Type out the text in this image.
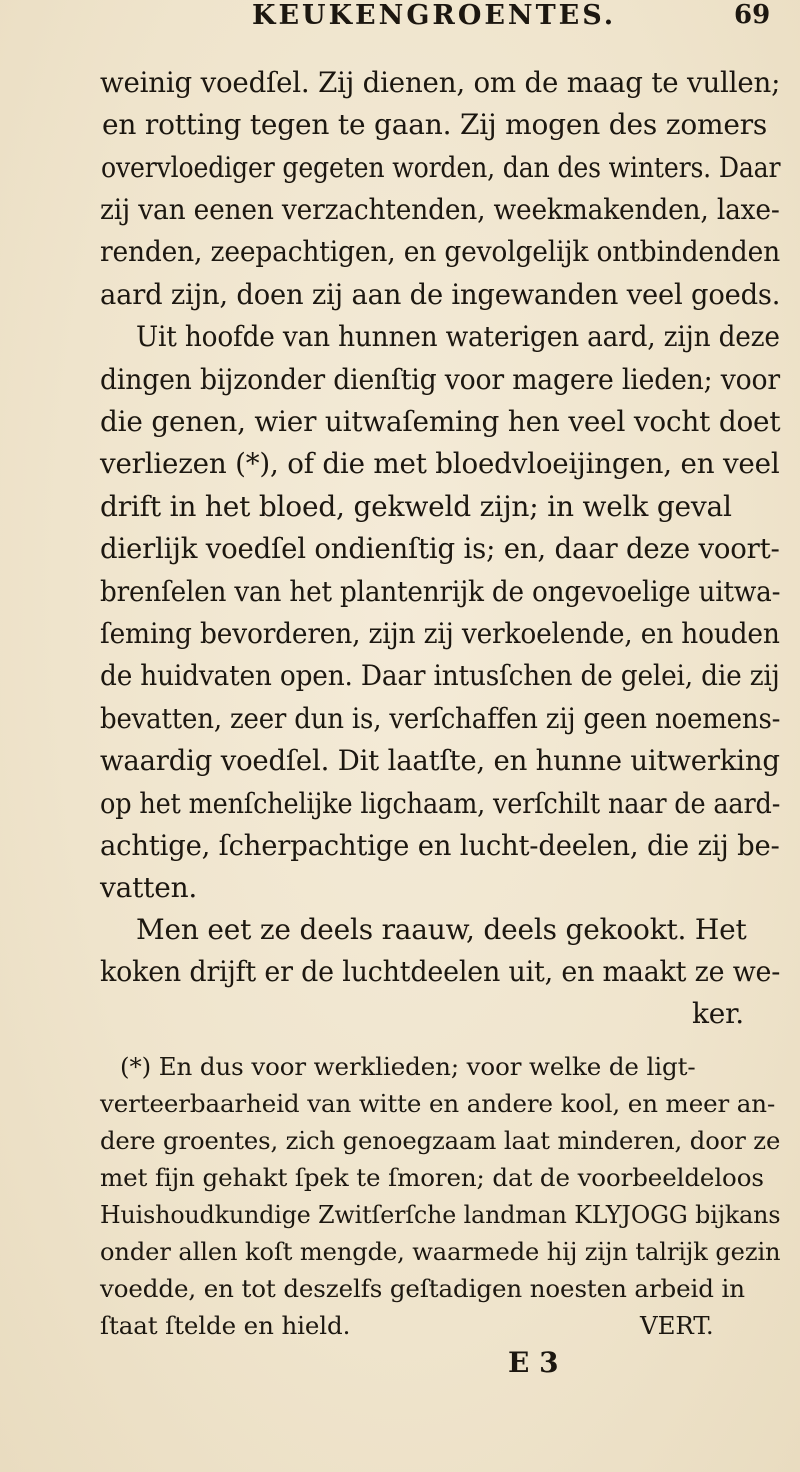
KEUKENGROENTES.	69
weinig voedſel. Zij dienen, om de maag te vullen;
en rotting tegen te gaan. Zij mogen des zomers
overvloediger gegeten worden, dan des winters. Daar
zij van eenen verzachtenden, weekmakenden, laxe-
renden, zeepachtigen, en gevolgelijk ontbindenden
aard zijn, doen zij aan de ingewanden veel goeds.
Uit hoofde van hunnen waterigen aard, zijn deze
dingen bijzonder dienſtig voor magere lieden; voor
die genen, wier uitwaſeming hen veel vocht doet
verliezen (*), of die met bloedvloeijingen, en veel
drift in het bloed, gekweld zijn; in welk geval
dierlijk voedſel ondienſtig is; en, daar deze voort-
brenſelen van het plantenrijk de ongevoelige uitwa-
ſeming bevorderen, zijn zij verkoelende, en houden
de huidvaten open. Daar intusſchen de gelei, die zij
bevatten, zeer dun is, verſchaffen zij geen noemens-
waardig voedſel. Dit laatſte, en hunne uitwerking
op het menſchelijke ligchaam, verſchilt naar de aard-
achtige, ſcherpachtige en lucht-deelen, die zij be-
vatten.
Men eet ze deels raauw, deels gekookt. Het
koken drijft er de luchtdeelen uit, en maakt ze we-
ker.
(*) En dus voor werklieden; voor welke de ligt-
verteerbaarheid van witte en andere kool, en meer an-
dere groentes, zich genoegzaam laat minderen, door ze
met fijn gehakt ſpek te ſmoren; dat de voorbeeldeloos
Huishoudkundige Zwitſerſche landman KLYJOGG bijkans
onder allen koſt mengde, waarmede hij zijn talrijk gezin
voedde, en tot deszelfs geſtadigen noesten arbeid in
ſtaat ſtelde en hield.	VERT.
E 3
